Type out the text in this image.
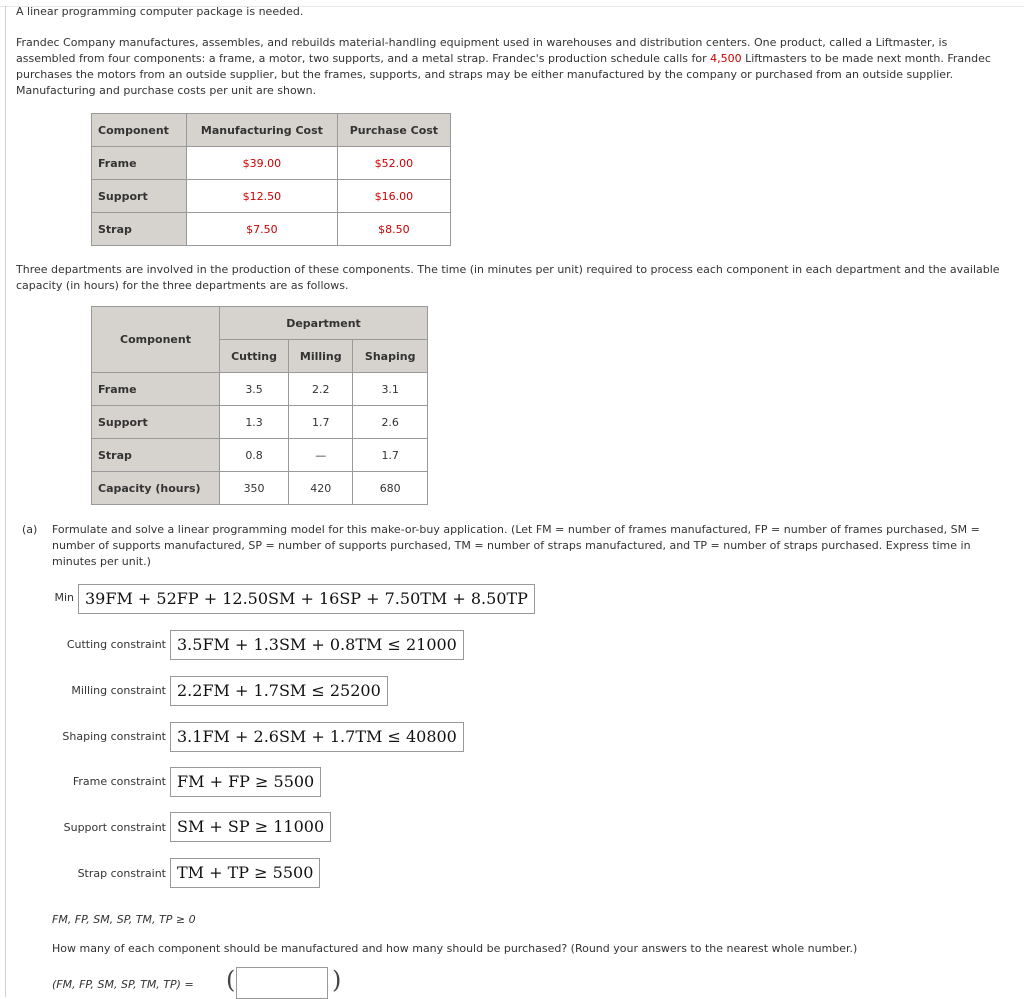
A linear programming computer package is needed.
Frandec Company manufactures, assembles, and rebuilds material-handling equipment used in warehouses and distribution centers. One product, called a Liftmaster, is assembled from four components: a frame, a motor, two supports, and a metal strap. Frandec's production schedule calls for 4,500 Liftmasters to be made next month. Frandec purchases the motors from an outside supplier, but the frames, supports, and straps may be either manufactured by the company or purchased from an outside supplier. Manufacturing and purchase costs per unit are shown.
Component	Manufacturing Cost	Purchase Cost
Frame	$39.00	$52.00
Support	$12.50	$16.00
Strap	$7.50	$8.50
Three departments are involved in the production of these components. The time (in minutes per unit) required to process each component in each department and the available capacity (in hours) for the three departments are as follows.
Component	Department		
	Cutting	Milling	Shaping
Frame	3.5	2.2	3.1
Support	1.3	1.7	2.6
Strap	0.8	—	1.7
Capacity (hours)	350	420	680
(a)	Formulate and solve a linear programming model for this make-or-buy application. (Let FM = number of frames manufactured, FP = number of frames purchased, SM = number of supports manufactured, SP = number of supports purchased, TM = number of straps manufactured, and TP = number of straps purchased. Express time in minutes per unit.)
Min 39FM + 52FP + 12.50SM + 16SP + 7.50TM + 8.50TP
Cutting constraint 3.5FM + 1.3SM + 0.8TM ≤ 21000
Milling constraint 2.2FM + 1.7SM ≤ 25200
Shaping constraint 3.1FM + 2.6SM + 1.7TM ≤ 40800
Frame constraint FM + FP ≥ 5500
Support constraint SM + SP ≥ 11000
Strap constraint TM + TP ≥ 5500
FM, FP, SM, SP, TM, TP ≥ 0
How many of each component should be manufactured and how many should be purchased? (Round your answers to the nearest whole number.)
(FM, FP, SM, SP, TM, TP) =	(	)
